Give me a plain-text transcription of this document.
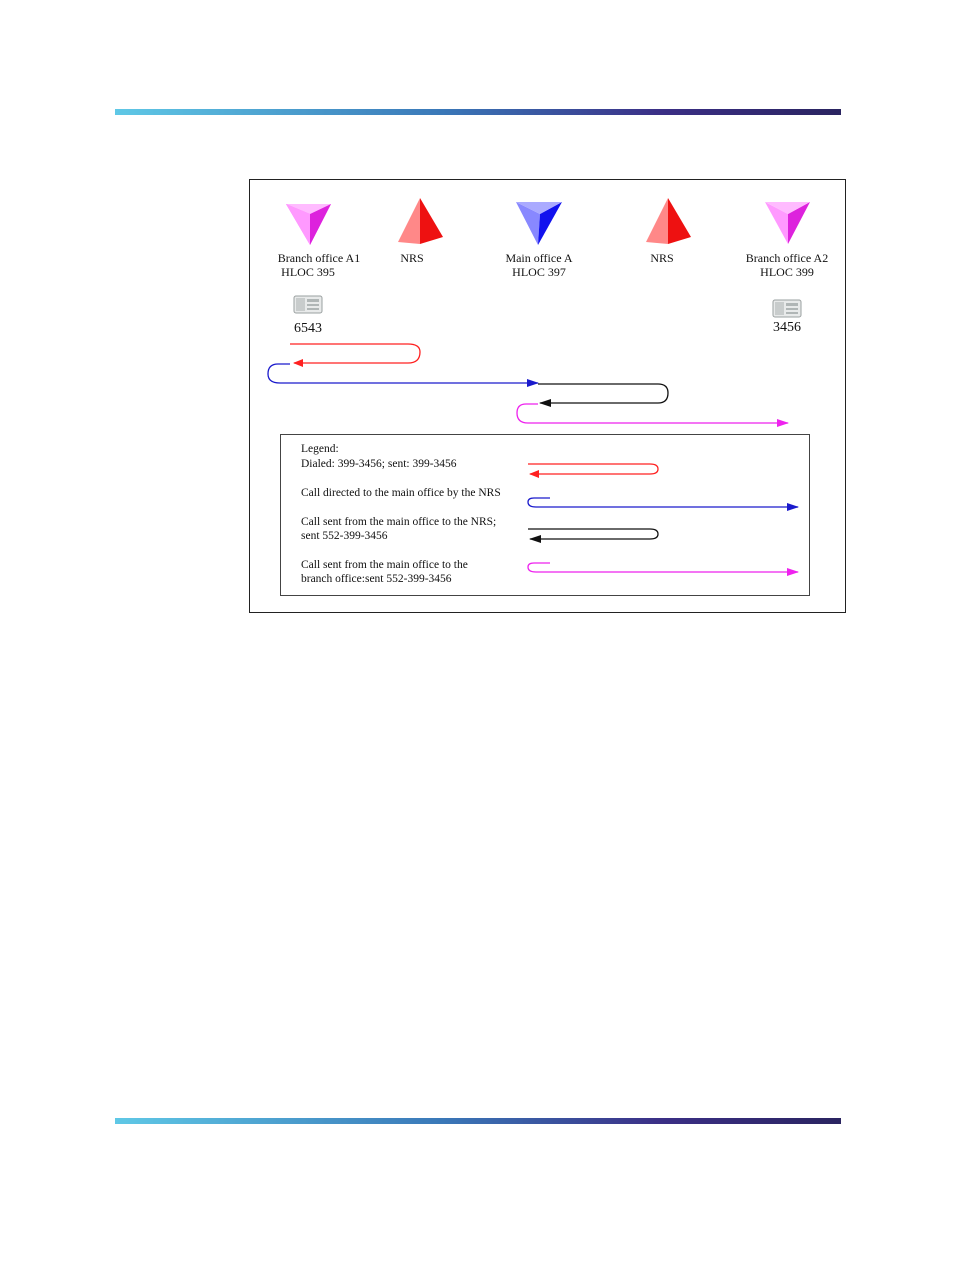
Branch office A1
HLOC 395
NRS	Main office A
HLOC 397
NRS	Branch office A2
HLOC 399
6543	3456
Legend:
Dialed: 399-3456; sent: 399-3456
Call directed to the main office by the NRS
Call sent from the main office to the NRS;
sent 552-399-3456
Call sent from the main office to the
branch office:sent 552-399-3456
